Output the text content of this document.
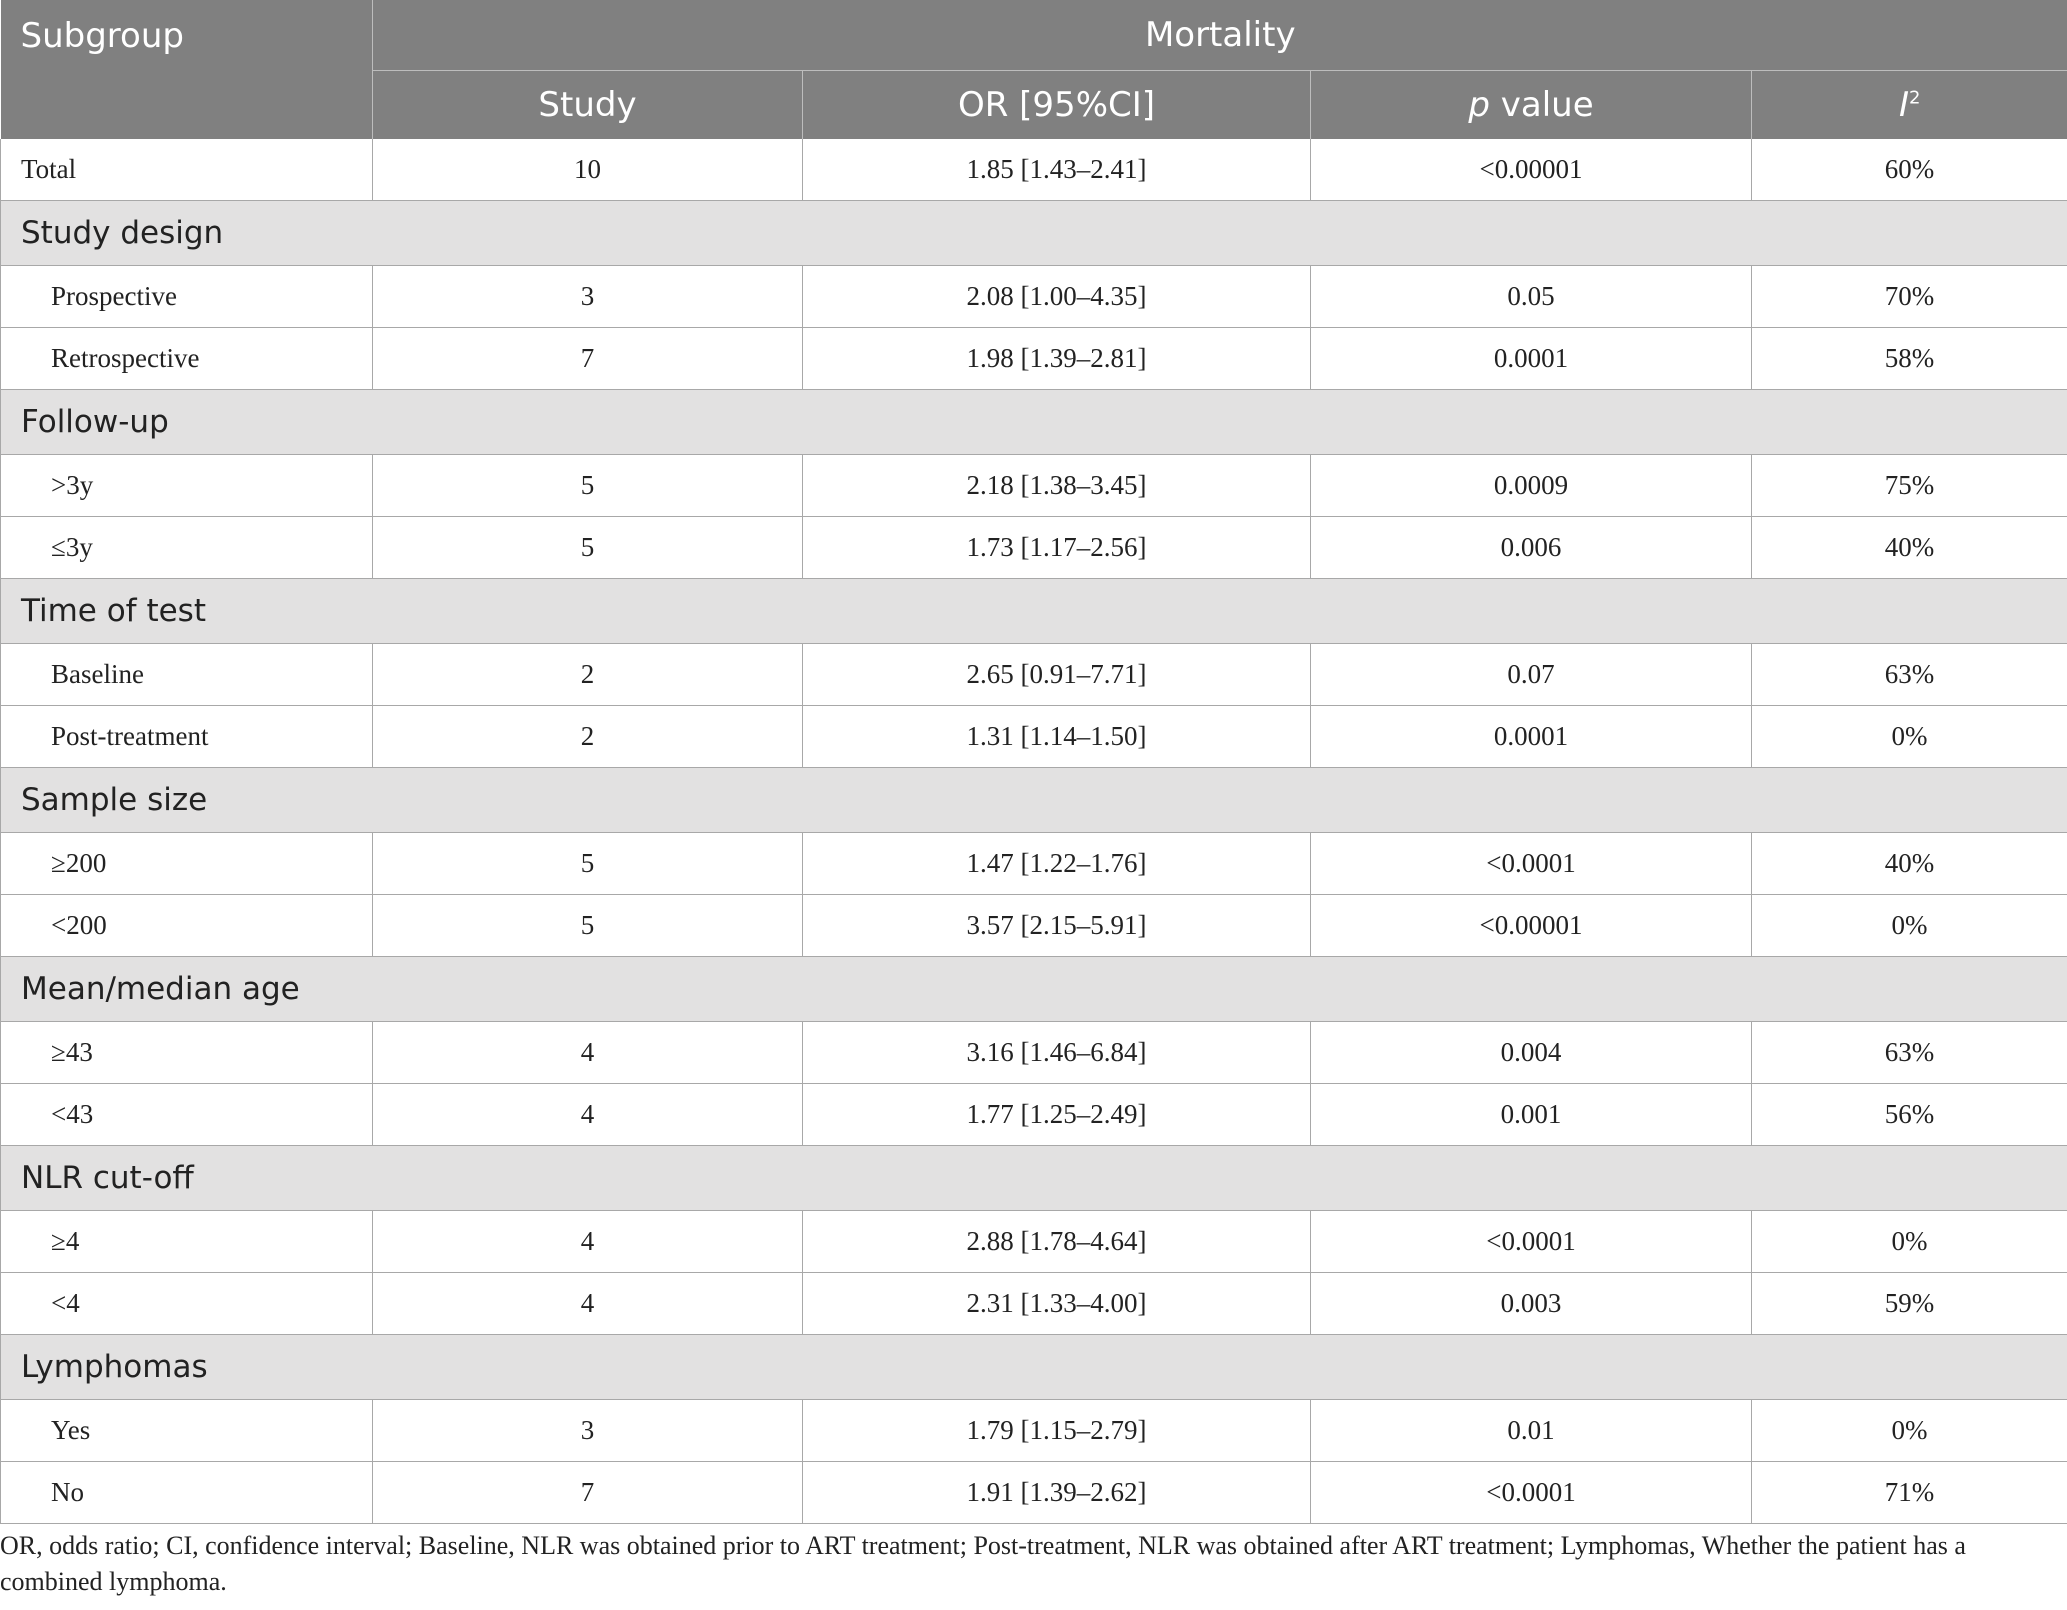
Subgroup	Mortality			
	Study	OR [95%CI]	p value	$I^2$
Total	10	1.85 [1.43–2.41]	<0.00001	60%
Study design				
Prospective	3	2.08 [1.00–4.35]	0.05	70%
Retrospective	7	1.98 [1.39–2.81]	0.0001	58%
Follow-up				
>3y	5	2.18 [1.38–3.45]	0.0009	75%
≤3y	5	1.73 [1.17–2.56]	0.006	40%
Time of test				
Baseline	2	2.65 [0.91–7.71]	0.07	63%
Post-treatment	2	1.31 [1.14–1.50]	0.0001	0%
Sample size				
≥200	5	1.47 [1.22–1.76]	<0.0001	40%
<200	5	3.57 [2.15–5.91]	<0.00001	0%
Mean/median age				
≥43	4	3.16 [1.46–6.84]	0.004	63%
<43	4	1.77 [1.25–2.49]	0.001	56%
NLR cut-off				
≥4	4	2.88 [1.78–4.64]	<0.0001	0%
<4	4	2.31 [1.33–4.00]	0.003	59%
Lymphomas				
Yes	3	1.79 [1.15–2.79]	0.01	0%
No	7	1.91 [1.39–2.62]	<0.0001	71%

OR, odds ratio; CI, confidence interval; Baseline, NLR was obtained prior to ART treatment; Post-treatment, NLR was obtained after ART treatment; Lymphomas, Whether the patient has a combined lymphoma.
